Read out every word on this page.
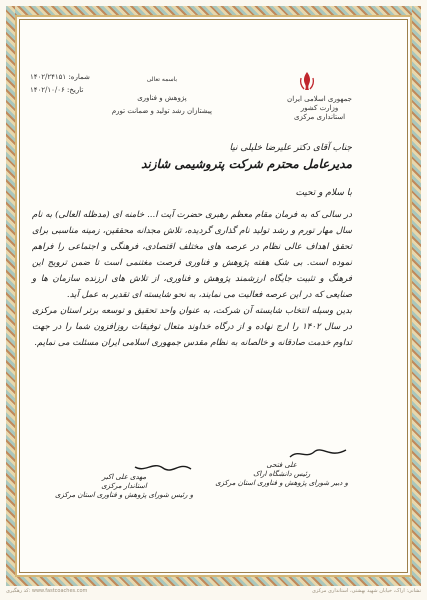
جمهوری اسلامی ایران
وزارت کشور
استانداری مرکزی
باسمه تعالی
پژوهش و فناوری
پیشتازان رشد تولید و ضمانت تورم
شماره: ۱۴۰۲/۲۴۱۵۱
تاریخ: ۱۴۰۲/۱۰/۰۶
جناب آقای دکتر علیرضا خلیلی نیا
مدیرعامل محترم شرکت پتروشیمی شازند
با سلام و تحیت

در سالی که به فرمان مقام معظم رهبری حضرت آیت ا... خامنه ای (مدظله العالی) به نام سال مهار تورم و رشد تولید نام گذاری گردیده، تلاش مجدانه محققین، زمینه مناسبی برای تحقق اهداف عالی نظام در عرصه های مختلف اقتصادی، فرهنگی و اجتماعی را فراهم نموده است. بی شک هفته پژوهش و فناوری فرصت مغتنمی است تا ضمن ترویج این فرهنگ و تثبیت جایگاه ارزشمند پژوهش و فناوری، از تلاش های ارزنده سازمان ها و صنایعی که در این عرصه فعالیت می نمایند، به نحو شایسته ای تقدیر به عمل آید.

بدین وسیله انتخاب شایسته آن شرکت، به عنوان واحد تحقیق و توسعه برتر استان مرکزی در سال ۱۴۰۲ را ارج نهاده و از درگاه خداوند متعال توفیقات روزافزون شما را در جهت تداوم خدمت صادقانه و خالصانه به نظام مقدس جمهوری اسلامی ایران مسئلت می نمایم.

علی فتحی
رئیس دانشگاه اراک
و دبیر شورای پژوهش و فناوری استان مرکزی
مهدی علی اکبر
استاندار مرکزی
و رئیس شورای پژوهش و فناوری استان مرکزی
کد رهگیری: www.fastcoaches.com	نشانی: اراک، خیابان شهید بهشتی، استانداری مرکزی
